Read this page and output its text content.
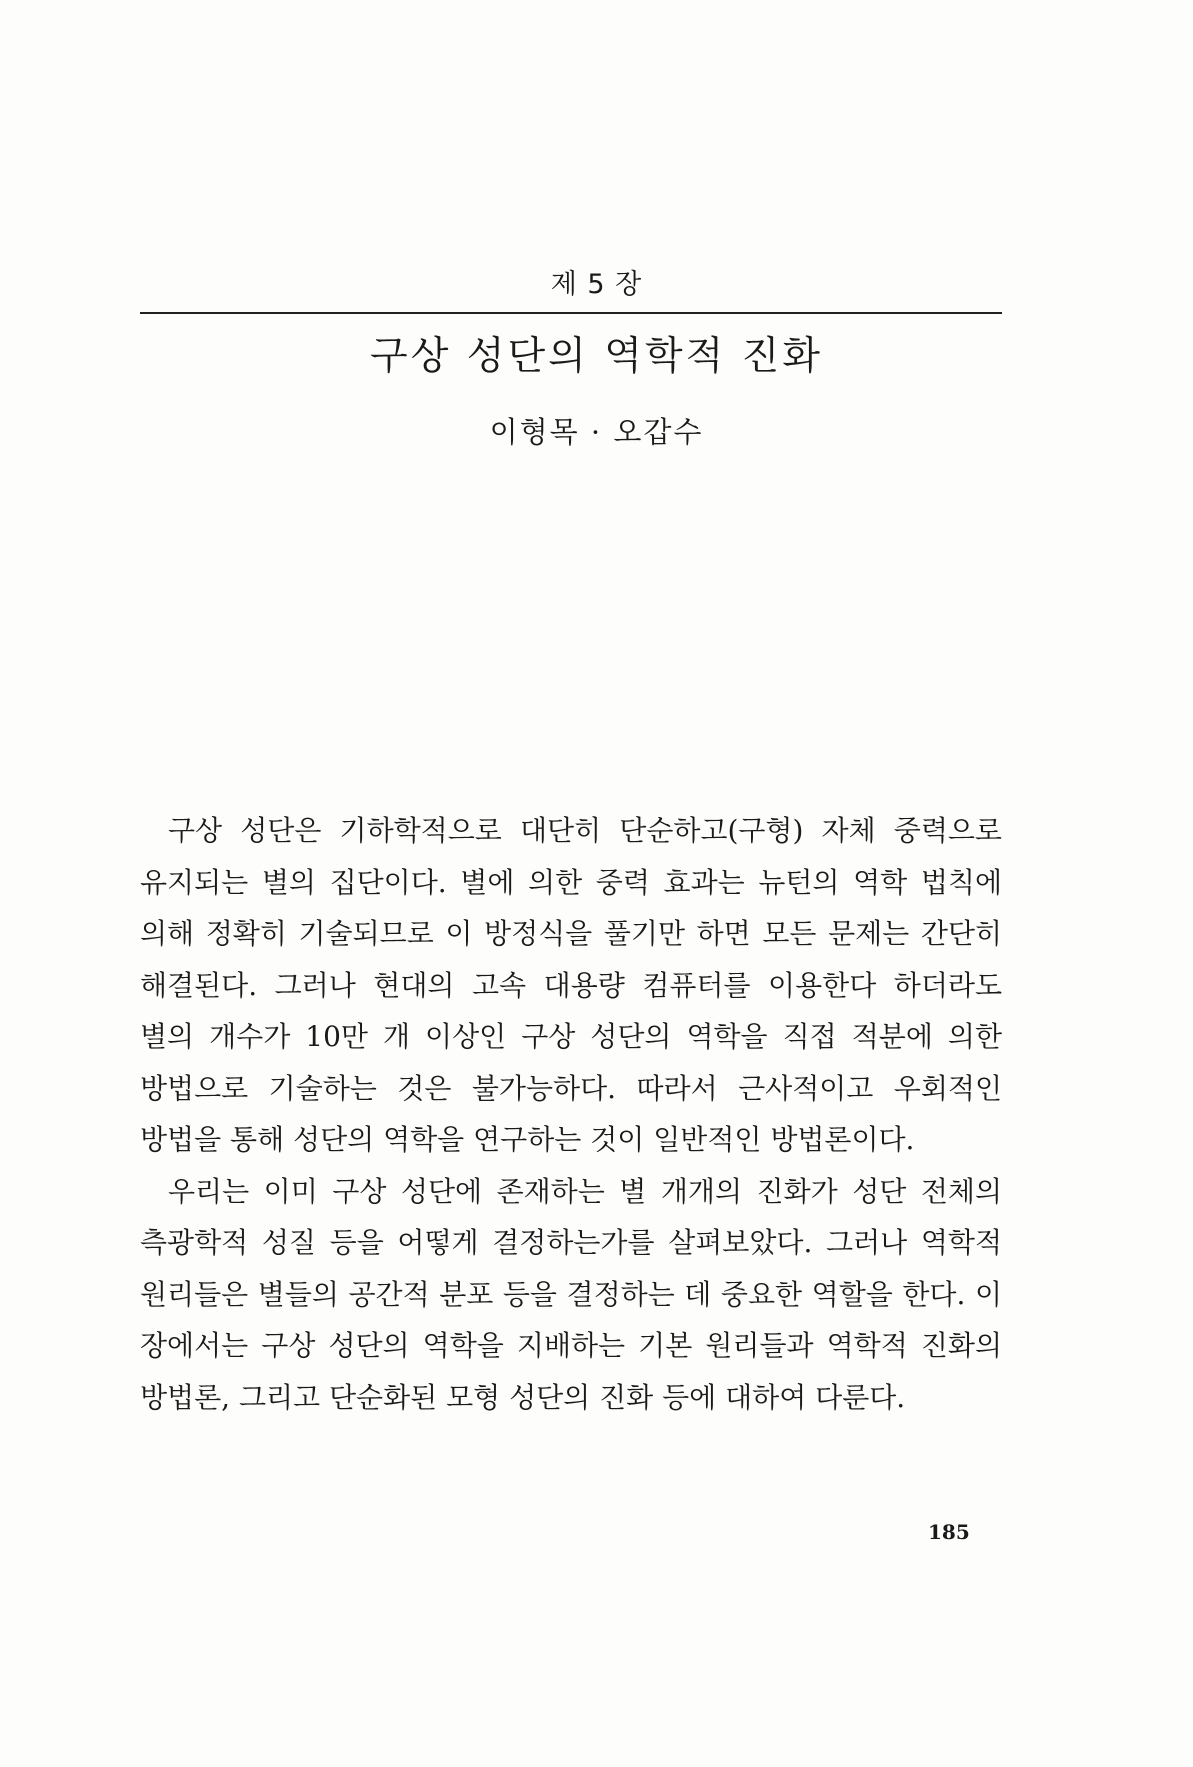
제 5 장
구상 성단의 역학적 진화
이형목 · 오갑수

구상 성단은 기하학적으로 대단히 단순하고(구형) 자체 중력으로 유지되는 별의 집단이다. 별에 의한 중력 효과는 뉴턴의 역학 법칙에 의해 정확히 기술되므로 이 방정식을 풀기만 하면 모든 문제는 간단히 해결된다. 그러나 현대의 고속 대용량 컴퓨터를 이용한다 하더라도 별의 개수가 10만 개 이상인 구상 성단의 역학을 직접 적분에 의한 방법으로 기술하는 것은 불가능하다. 따라서 근사적이고 우회적인 방법을 통해 성단의 역학을 연구하는 것이 일반적인 방법론이다.

우리는 이미 구상 성단에 존재하는 별 개개의 진화가 성단 전체의 측광학적 성질 등을 어떻게 결정하는가를 살펴보았다. 그러나 역학적 원리들은 별들의 공간적 분포 등을 결정하는 데 중요한 역할을 한다. 이 장에서는 구상 성단의 역학을 지배하는 기본 원리들과 역학적 진화의 방법론, 그리고 단순화된 모형 성단의 진화 등에 대하여 다룬다.

185
